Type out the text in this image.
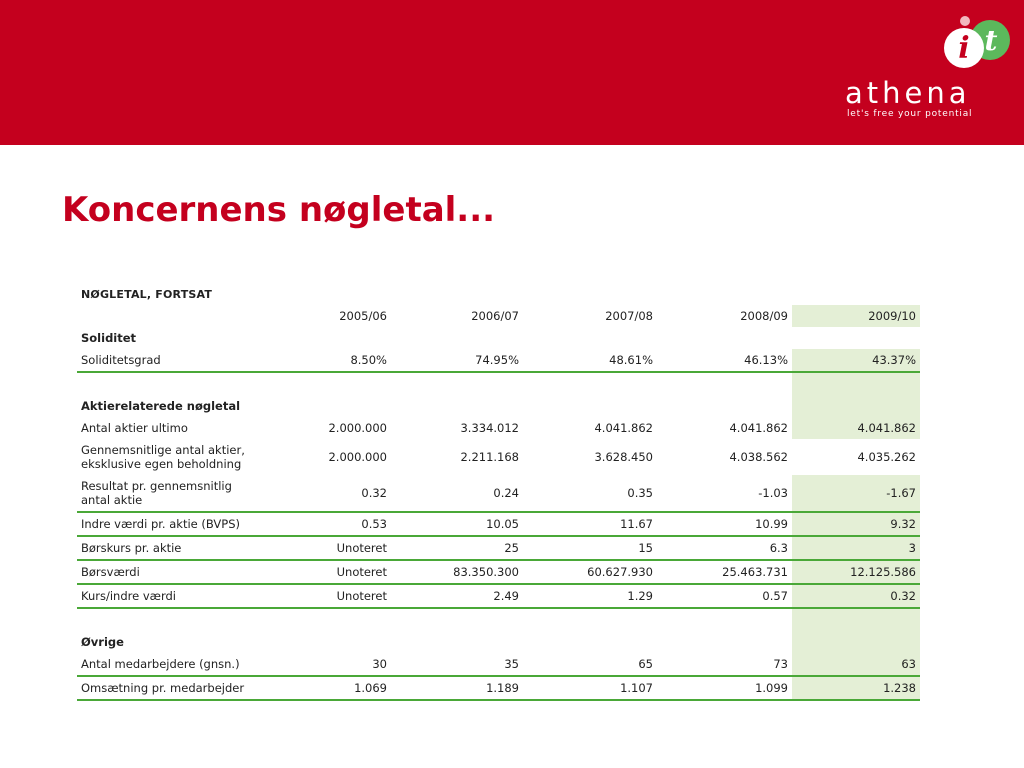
i t
athena
let's free your potential
Koncernens nøgletal...
NØGLETAL, FORTSAT
	2005/06	2006/07	2007/08	2008/09	2009/10
Soliditet					
Soliditetsgrad	8.50%	74.95%	48.61%	46.13%	43.37%

Aktierelaterede nøgletal					
Antal aktier ultimo	2.000.000	3.334.012	4.041.862	4.041.862	4.041.862
Gennemsnitlige antal aktier,
eksklusive egen beholdning	2.000.000	2.211.168	3.628.450	4.038.562	4.035.262
Resultat pr. gennemsnitlig
antal aktie	0.32	0.24	0.35	-1.03	-1.67
Indre værdi pr. aktie (BVPS)	0.53	10.05	11.67	10.99	9.32
Børskurs pr. aktie	Unoteret	25	15	6.3	3
Børsværdi	Unoteret	83.350.300	60.627.930	25.463.731	12.125.586
Kurs/indre værdi	Unoteret	2.49	1.29	0.57	0.32

Øvrige					
Antal medarbejdere (gnsn.)	30	35	65	73	63
Omsætning pr. medarbejder	1.069	1.189	1.107	1.099	1.238
